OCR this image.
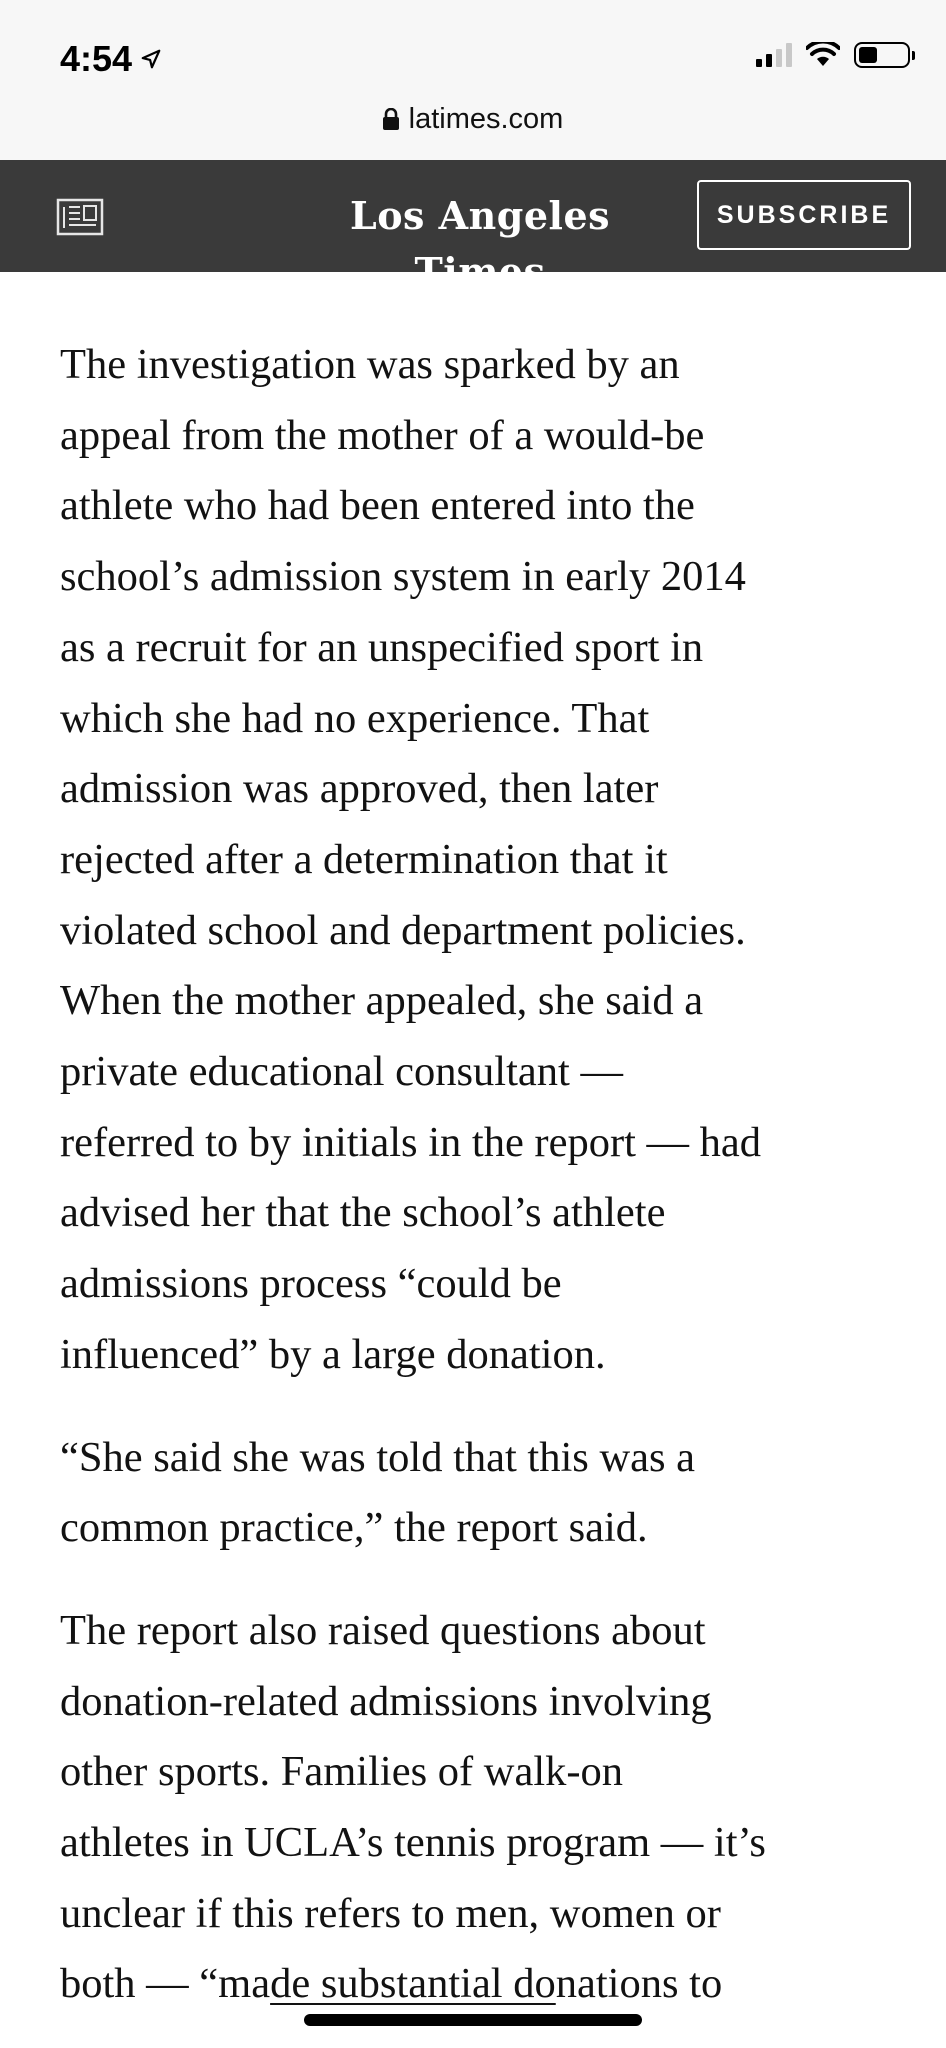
4:54
latimes.com
Los Angeles Times
SUBSCRIBE

The investigation was sparked by an

appeal from the mother of a would-be

athlete who had been entered into the

school’s admission system in early 2014

as a recruit for an unspecified sport in

which she had no experience. That

admission was approved, then later

rejected after a determination that it

violated school and department policies.

When the mother appealed, she said a

private educational consultant —

referred to by initials in the report — had

advised her that the school’s athlete

admissions process “could be

influenced” by a large donation.

“She said she was told that this was a

common practice,” the report said.

The report also raised questions about

donation-related admissions involving

other sports. Families of walk-on

athletes in UCLA’s tennis program — it’s

unclear if this refers to men, women or

both — “made substantial donations to
